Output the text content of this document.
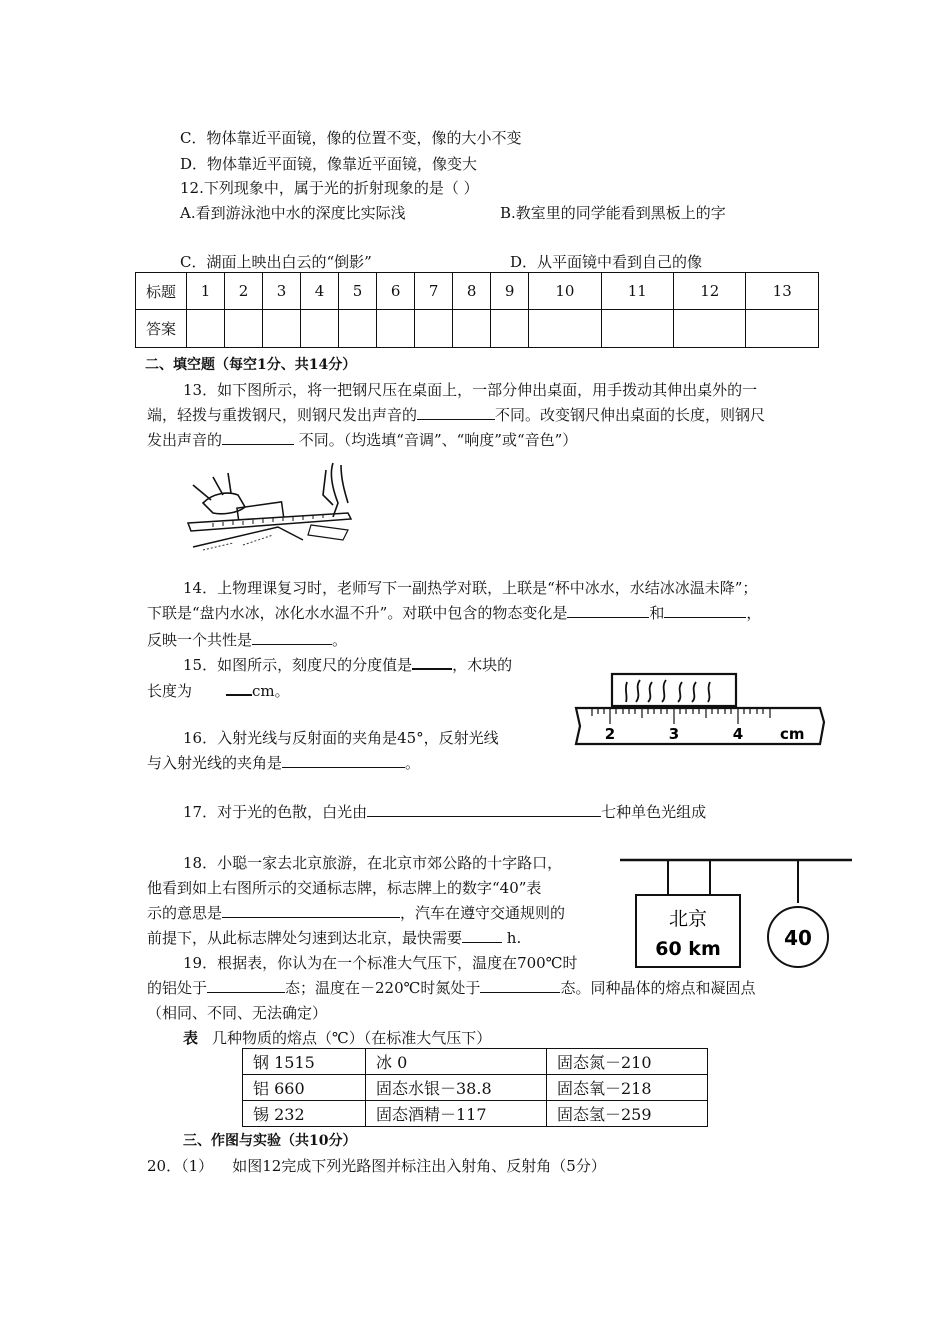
C．物体靠近平面镜，像的位置不变，像的大小不变
D．物体靠近平面镜，像靠近平面镜，像变大
12.下列现象中，属于光的折射现象的是（ ）
A.看到游泳池中水的深度比实际浅	B.教室里的同学能看到黑板上的字
C．湖面上映出白云的“倒影”	D．从平面镜中看到自己的像
标题	1	2	3	4	5	6	7	8	9	10	11	12	13
答案													
二、填空题（每空1分、共14分）
13．如下图所示，将一把钢尺压在桌面上，一部分伸出桌面，用手拨动其伸出桌外的一
端，轻拨与重拨钢尺，则钢尺发出声音的	不同。改变钢尺伸出桌面的长度，则钢尺
发出声音的	不同。（均选填“音调”、“响度”或“音色”）
14．上物理课复习时，老师写下一副热学对联，上联是“杯中冰水，水结冰冰温未降”；
下联是“盘内水冰，冰化水水温不升”。对联中包含的物态变化是	和	，
反映一个共性是	。
15．如图所示，刻度尺的分度值是	，木块的
长度为	cm。
2	3	4 cm
16．入射光线与反射面的夹角是45°，反射光线
与入射光线的夹角是	。
17．对于光的色散，白光由	七种单色光组成
18．小聪一家去北京旅游，在北京市郊公路的十字路口，
他看到如上右图所示的交通标志牌，标志牌上的数字“40”表
示的意思是	，汽车在遵守交通规则的
前提下，从此标志牌处匀速到达北京，最快需要	h.
北京
60 km	40
19．根据表，你认为在一个标准大气压下，温度在700℃时
的铝处于	态；温度在－220℃时氮处于	态。同种晶体的熔点和凝固点
（相同、不同、无法确定）
表 几种物质的熔点（℃）（在标准大气压下）
钢 1515	冰 0	固态氮－210
铝 660	固态水银－38.8	固态氧－218
锡 232	固态酒精－117	固态氢－259
三、作图与实验（共10分）
20．（1）    如图12完成下列光路图并标注出入射角、反射角（5分）
